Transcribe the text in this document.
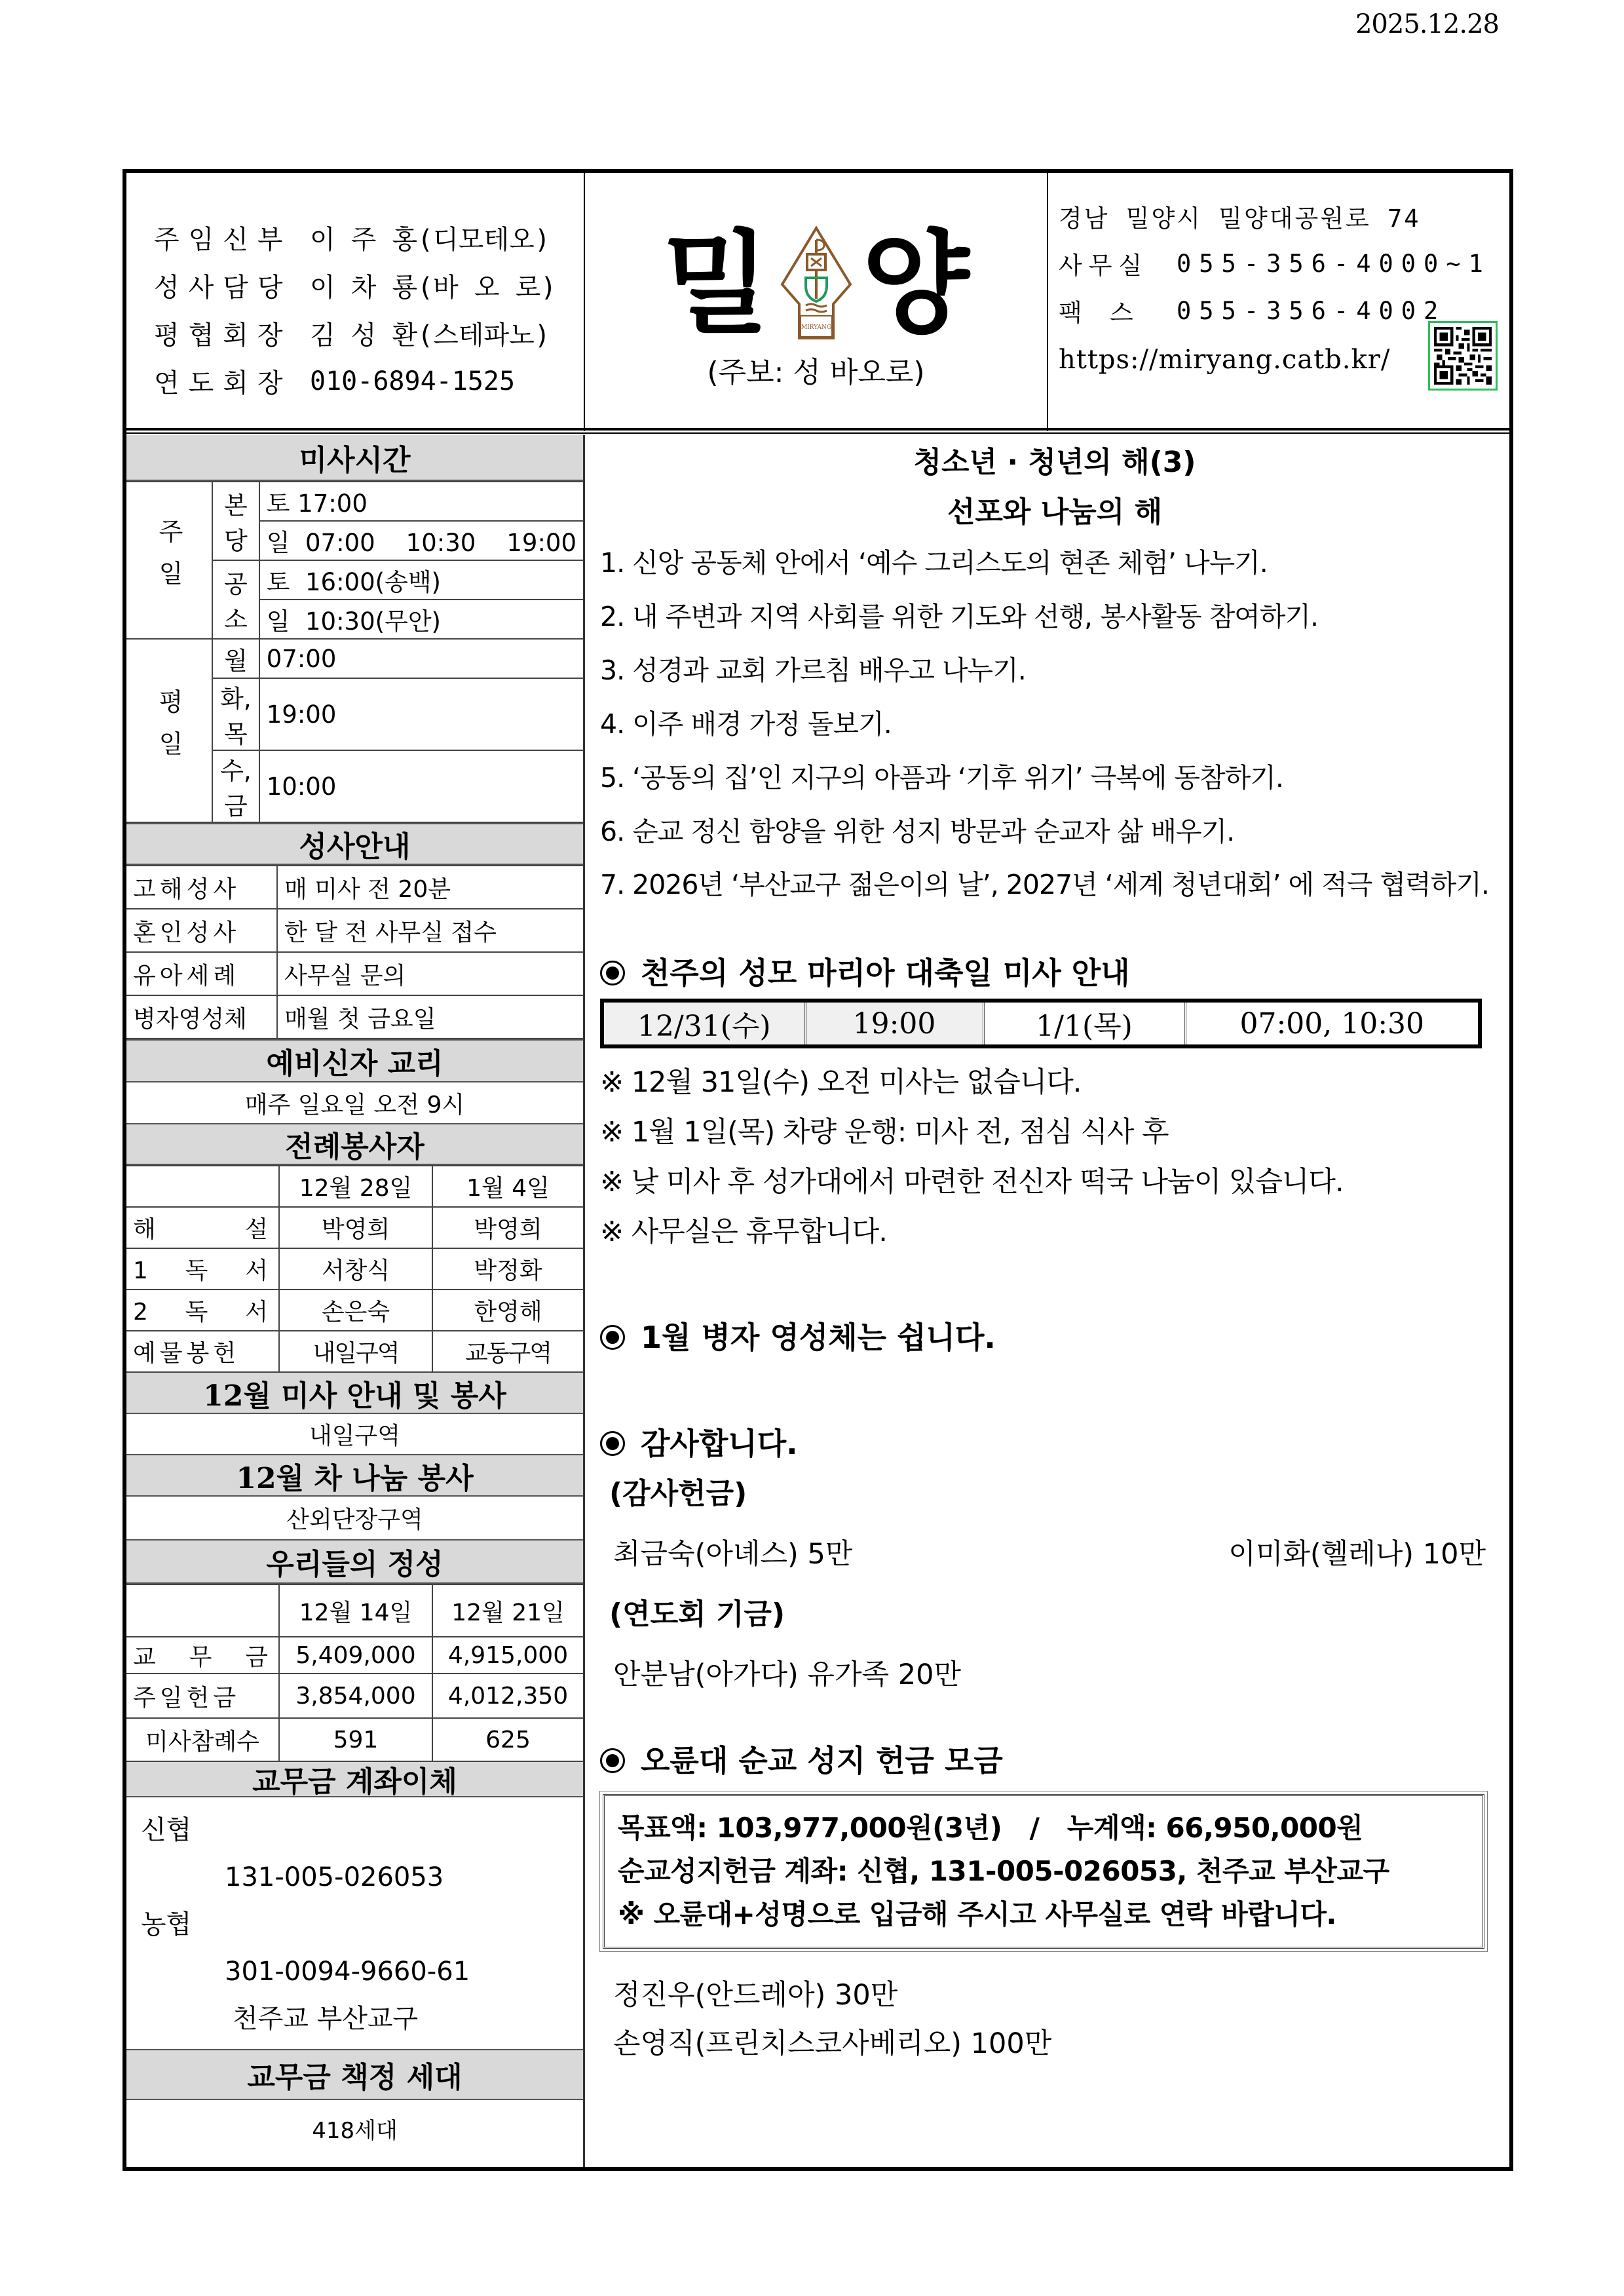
2025.12.28
주임신부 이 주 홍(디모테오)
성사담당 이 차 룡(바 오 로)
평협회장 김 성 환(스테파노)
연도회장 010-6894-1525
밀	MIRYANG 양
(주보: 성 바오로)
경남 밀양시 밀양대공원로 74
사무실	055-356-4000~1
팩 스	055-356-4002
https://miryang.catb.kr/
미사시간
주일	본당	토 17:00
		일  07:00    10:30    19:00
	공소	토  16:00(송백)
		일  10:30(무안)
평일	월	07:00
	화,목	19:00
	수,금	10:00
성사안내
고해성사	매 미사 전 20분
혼인성사	한 달 전 사무실 접수
유아세례	사무실 문의
병자영성체	매월 첫 금요일
예비신자 교리
매주 일요일 오전 9시
전례봉사자
	12월 28일	1월 4일
해 설	박영희	박영희
1 독 서	서창식	박정화
2 독 서	손은숙	한영해
예물봉헌	내일구역	교동구역
12월 미사 안내 및 봉사
내일구역
12월 차 나눔 봉사
산외단장구역
우리들의 정성
	12월 14일	12월 21일
교 무 금	5,409,000	4,915,000
주일헌금	3,854,000	4,012,350
미사참례수	591	625
교무금 계좌이체
신협
131-005-026053
농협
301-0094-9660-61
천주교 부산교구
교무금 책정 세대
418세대
청소년 · 청년의 해(3)
선포와 나눔의 해
1. 신앙 공동체 안에서 ‘예수 그리스도의 현존 체험’ 나누기.
2. 내 주변과 지역 사회를 위한 기도와 선행, 봉사활동 참여하기.
3. 성경과 교회 가르침 배우고 나누기.
4. 이주 배경 가정 돌보기.
5. ‘공동의 집’인 지구의 아픔과 ‘기후 위기’ 극복에 동참하기.
6. 순교 정신 함양을 위한 성지 방문과 순교자 삶 배우기.
7. 2026년 ‘부산교구 젊은이의 날’, 2027년 ‘세계 청년대회’ 에 적극 협력하기.
천주의 성모 마리아 대축일 미사 안내
12/31(수)	19:00	1/1(목)	07:00, 10:30
※ 12월 31일(수) 오전 미사는 없습니다.
※ 1월 1일(목) 차량 운행: 미사 전, 점심 식사 후
※ 낮 미사 후 성가대에서 마련한 전신자 떡국 나눔이 있습니다.
※ 사무실은 휴무합니다.
1월 병자 영성체는 쉽니다.
감사합니다.
(감사헌금)
최금숙(아녜스) 5만	이미화(헬레나) 10만
(연도회 기금)
안분남(아가다) 유가족 20만
오륜대 순교 성지 헌금 모금
목표액: 103,977,000원(3년)   /   누계액: 66,950,000원
순교성지헌금 계좌: 신협, 131-005-026053, 천주교 부산교구
※ 오륜대+성명으로 입금해 주시고 사무실로 연락 바랍니다.
정진우(안드레아) 30만
손영직(프린치스코사베리오) 100만
